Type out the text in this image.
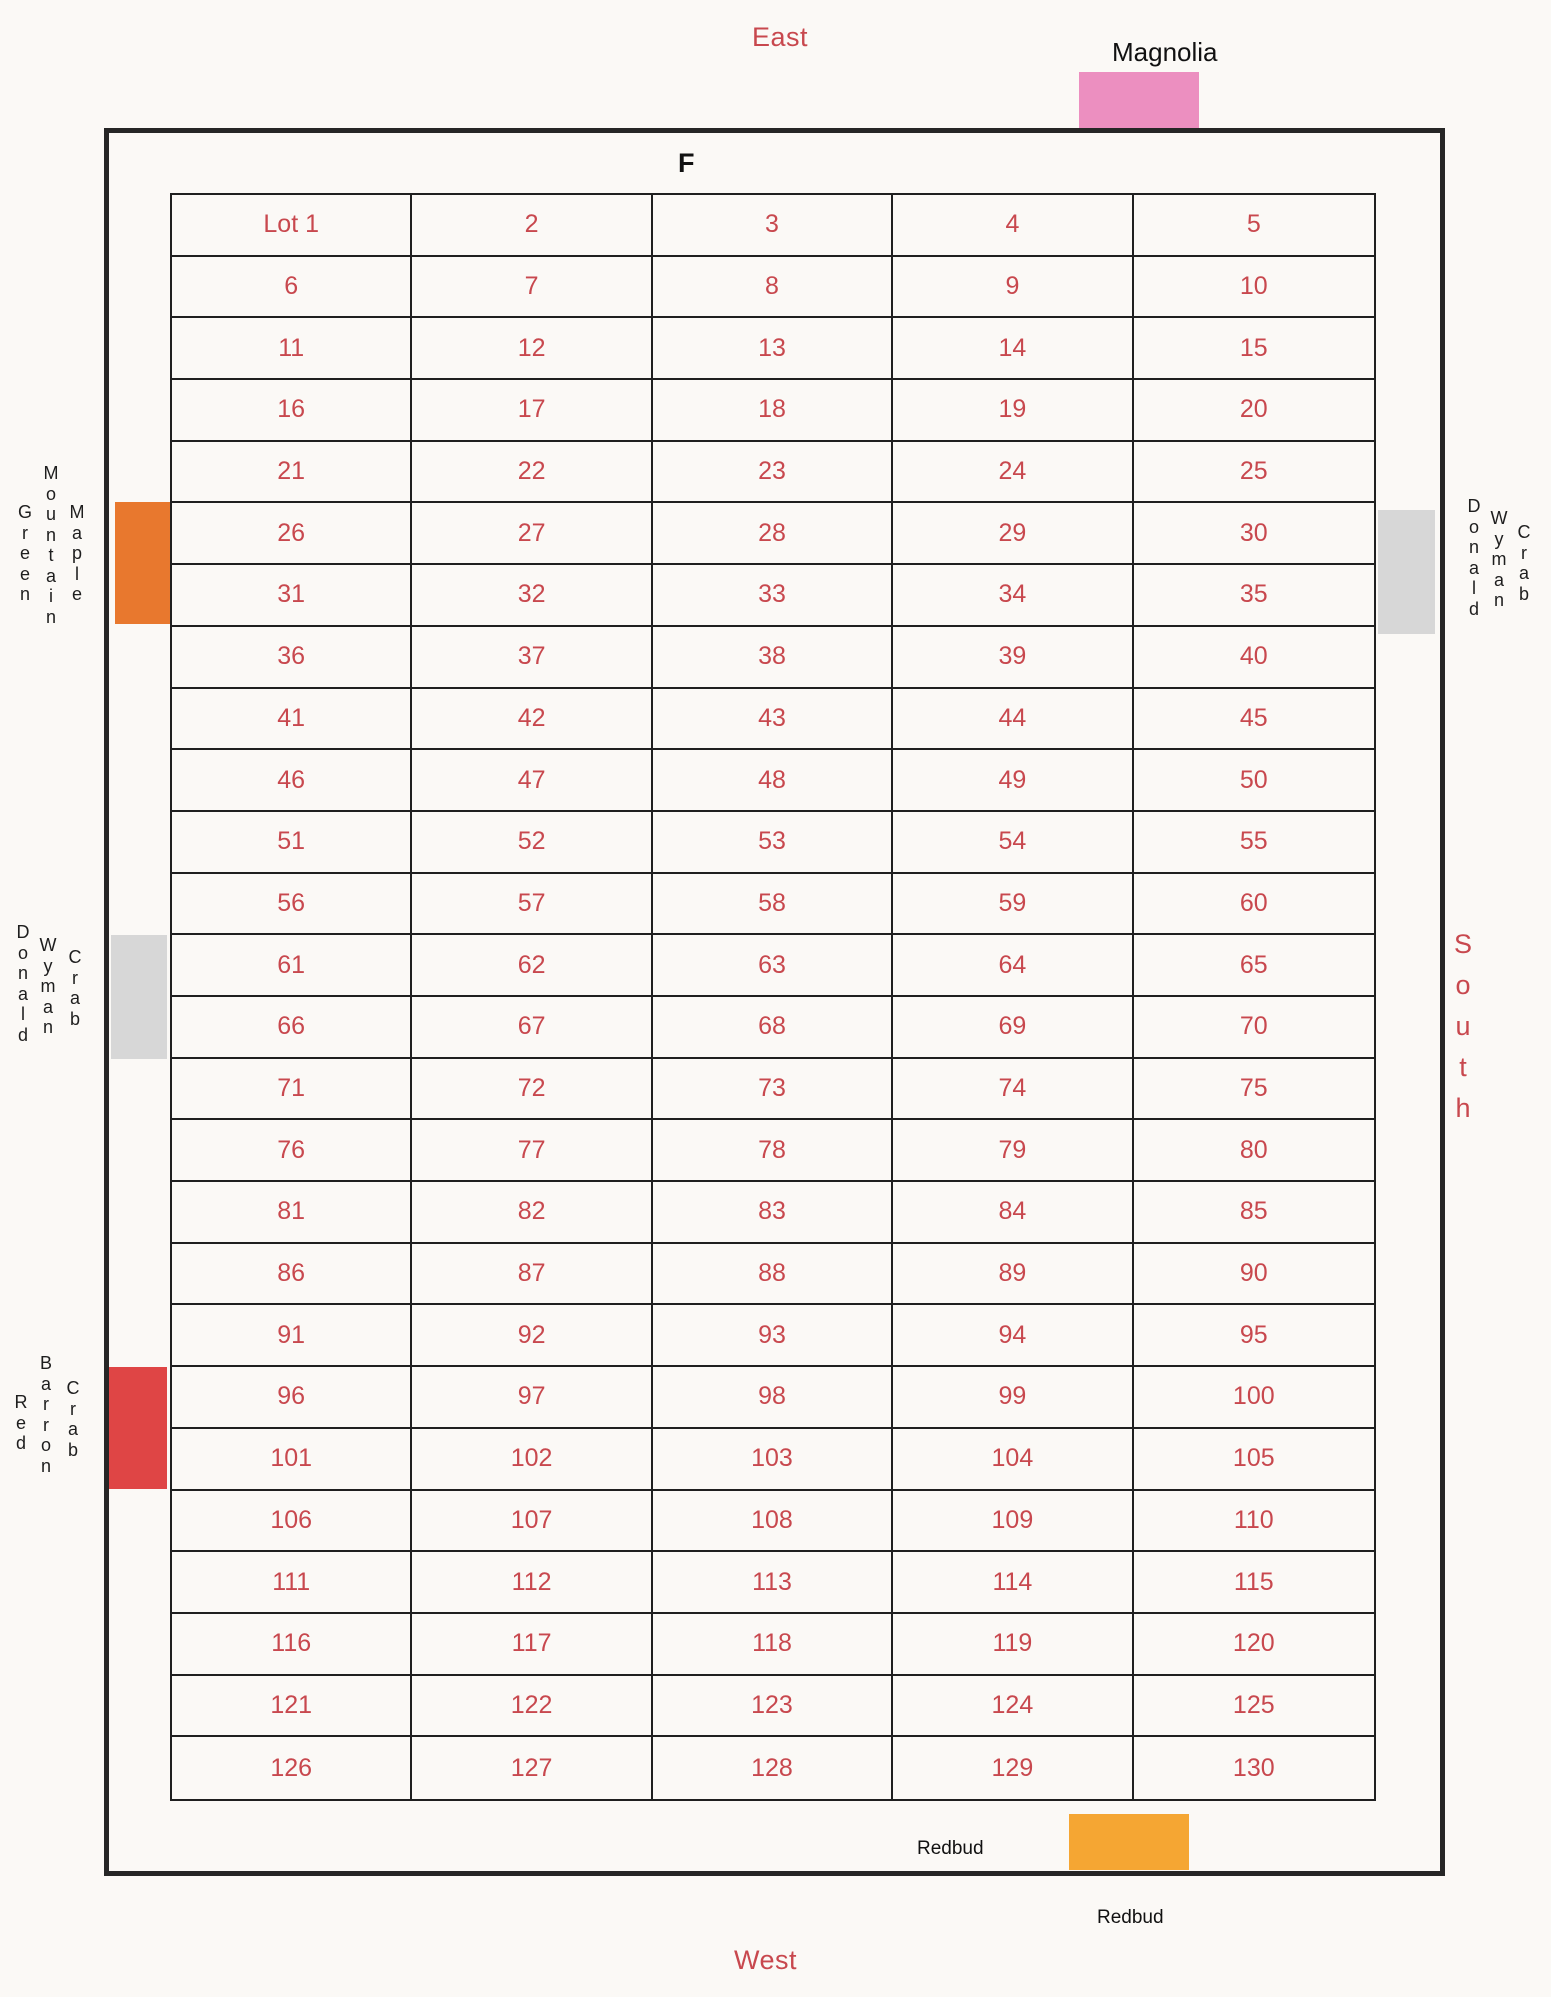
East
West
S
o
u
t
h
Magnolia
F
Redbud
Redbud
G
r
e
e
n
M
o
u
n
t
a
i
n
M
a
p
l
e
D
o
n
a
l
d
W
y
m
a
n
C
r
a
b
R
e
d
B
a
r
r
o
n
C
r
a
b
D
o
n
a
l
d
W
y
m
a
n
C
r
a
b
Lot 1	2	3	4	5
6	7	8	9	10
11	12	13	14	15
16	17	18	19	20
21	22	23	24	25
26	27	28	29	30
31	32	33	34	35
36	37	38	39	40
41	42	43	44	45
46	47	48	49	50
51	52	53	54	55
56	57	58	59	60
61	62	63	64	65
66	67	68	69	70
71	72	73	74	75
76	77	78	79	80
81	82	83	84	85
86	87	88	89	90
91	92	93	94	95
96	97	98	99	100
101	102	103	104	105
106	107	108	109	110
111	112	113	114	115
116	117	118	119	120
121	122	123	124	125
126	127	128	129	130
